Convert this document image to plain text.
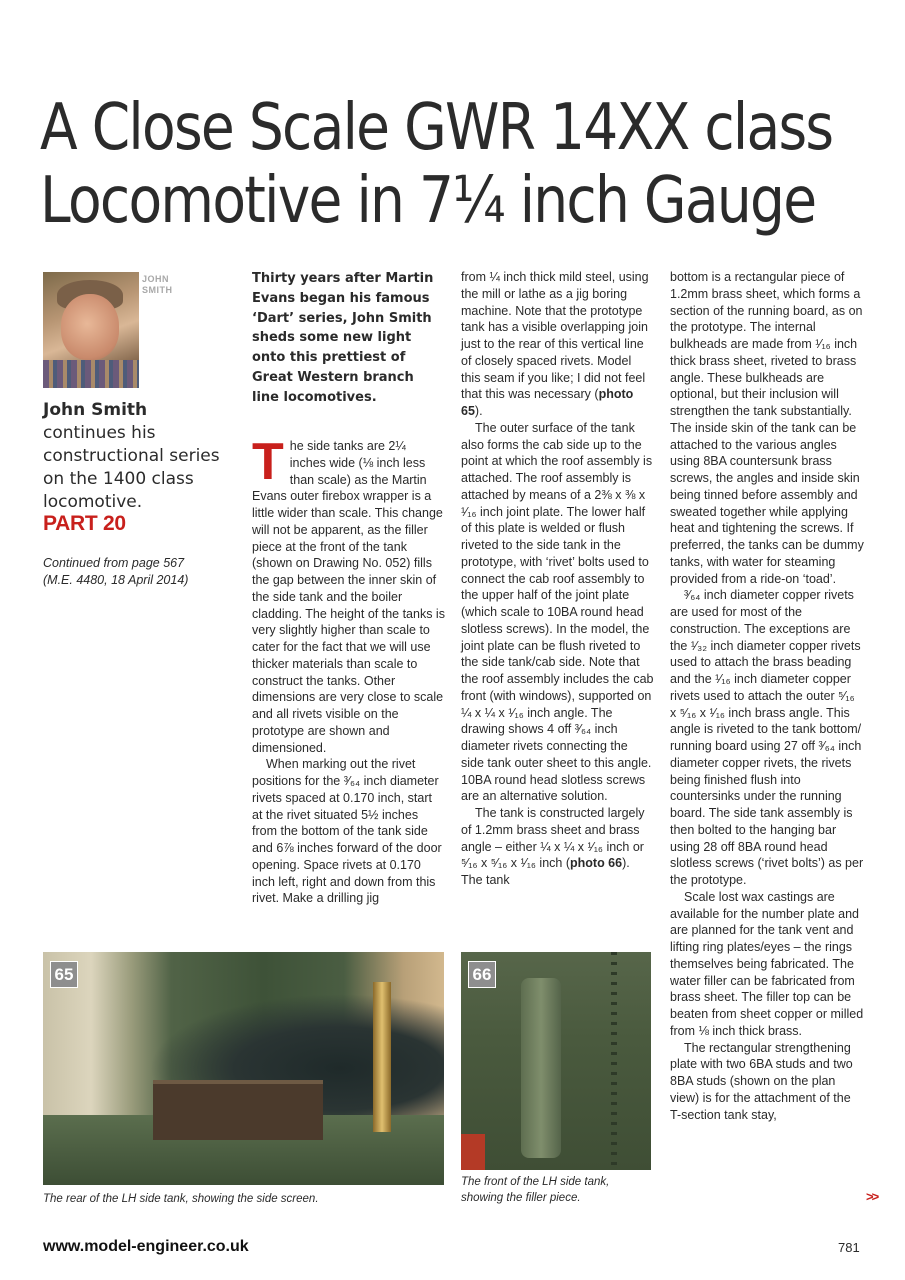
A Close Scale GWR 14XX class
Locomotive in 7¼ inch Gauge
JOHN
SMITH

John Smith continues his constructional series on the 1400 class locomotive.

PART 20

Continued from page 567
(M.E. 4480, 18 April 2014)

Thirty years after Martin Evans began his famous ‘Dart’ series, John Smith sheds some new light onto this prettiest of Great Western branch line locomotives.

The side tanks are 2¼ inches wide (⅛ inch less than scale) as the Martin Evans outer firebox wrapper is a little wider than scale. This change will not be apparent, as the filler piece at the front of the tank (shown on Drawing No. 052) fills the gap between the inner skin of the side tank and the boiler cladding. The height of the tanks is very slightly higher than scale to cater for the fact that we will use thicker materials than scale to construct the tanks. Other dimensions are very close to scale and all rivets visible on the prototype are shown and dimensioned.

When marking out the rivet positions for the ³⁄₆₄ inch diameter rivets spaced at 0.170 inch, start at the rivet situated 5½ inches from the bottom of the tank side and 6⅞ inches forward of the door opening. Space rivets at 0.170 inch left, right and down from this rivet. Make a drilling jig

from ¼ inch thick mild steel, using the mill or lathe as a jig boring machine. Note that the prototype tank has a visible overlapping join just to the rear of this vertical line of closely spaced rivets. Model this seam if you like; I did not feel that this was necessary (photo 65).

The outer surface of the tank also forms the cab side up to the point at which the roof assembly is attached. The roof assembly is attached by means of a 2⅜ x ⅜ x ¹⁄₁₆ inch joint plate. The lower half of this plate is welded or flush riveted to the side tank in the prototype, with ‘rivet’ bolts used to connect the cab roof assembly to the upper half of the joint plate (which scale to 10BA round head slotless screws). In the model, the joint plate can be flush riveted to the side tank/cab side. Note that the roof assembly includes the cab front (with windows), supported on ¼ x ¼ x ¹⁄₁₆ inch angle. The drawing shows 4 off ³⁄₆₄ inch diameter rivets connecting the side tank outer sheet to this angle. 10BA round head slotless screws are an alternative solution.

The tank is constructed largely of 1.2mm brass sheet and brass angle – either ¼ x ¼ x ¹⁄₁₆ inch or ⁵⁄₁₆ x ⁵⁄₁₆ x ¹⁄₁₆ inch (photo 66). The tank

bottom is a rectangular piece of 1.2mm brass sheet, which forms a section of the running board, as on the prototype. The internal bulkheads are made from ¹⁄₁₆ inch thick brass sheet, riveted to brass angle. These bulkheads are optional, but their inclusion will strengthen the tank substantially. The inside skin of the tank can be attached to the various angles using 8BA countersunk brass screws, the angles and inside skin being tinned before assembly and sweated together while applying heat and tightening the screws. If preferred, the tanks can be dummy tanks, with water for steaming provided from a ride-on ‘toad’.

³⁄₆₄ inch diameter copper rivets are used for most of the construction. The exceptions are the ¹⁄₃₂ inch diameter copper rivets used to attach the brass beading and the ¹⁄₁₆ inch diameter copper rivets used to attach the outer ⁵⁄₁₆ x ⁵⁄₁₆ x ¹⁄₁₆ inch brass angle. This angle is riveted to the tank bottom/ running board using 27 off ³⁄₆₄ inch diameter copper rivets, the rivets being finished flush into countersinks under the running board. The side tank assembly is then bolted to the hanging bar using 28 off 8BA round head slotless screws (‘rivet bolts’) as per the prototype.

Scale lost wax castings are available for the number plate and are planned for the tank vent and lifting ring plates/eyes – the rings themselves being fabricated. The water filler can be fabricated from brass sheet. The filler top can be beaten from sheet copper or milled from ⅛ inch thick brass.

The rectangular strengthening plate with two 6BA studs and two 8BA studs (shown on the plan view) is for the attachment of the T-section tank stay,

65

The rear of the LH side tank, showing the side screen.

66

The front of the LH side tank, showing the filler piece.	>>

www.model-engineer.co.uk	781
